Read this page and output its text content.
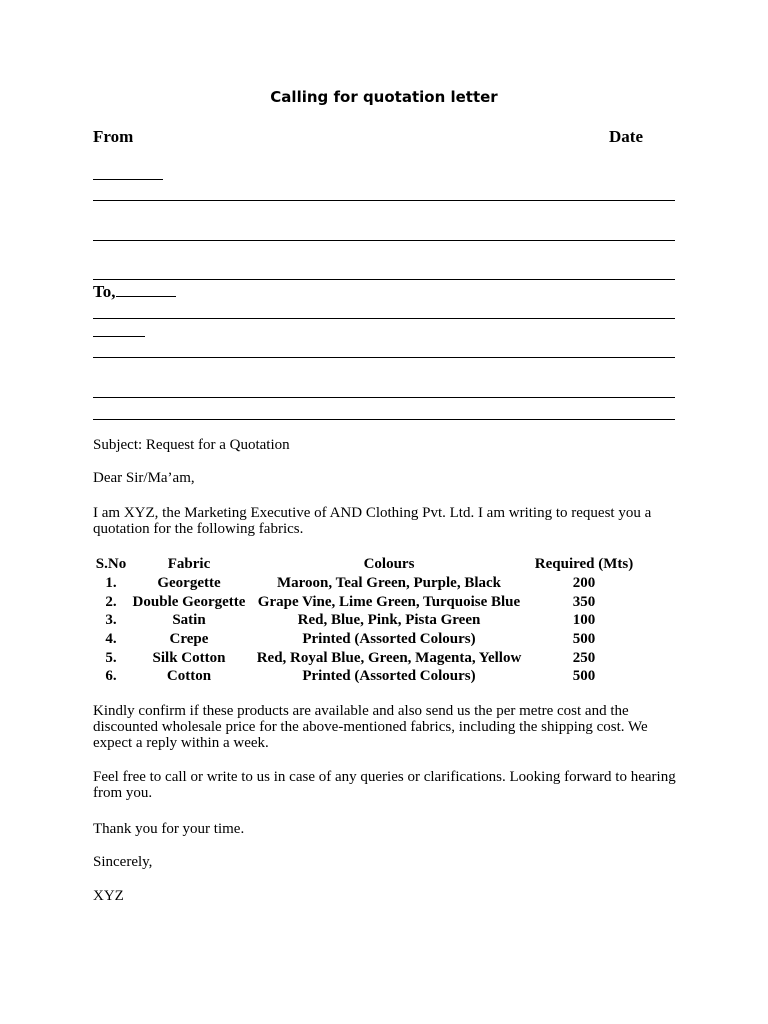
Calling for quotation letter
From	Date
To,
Subject: Request for a Quotation
Dear Sir/Ma’am,
I am XYZ, the Marketing Executive of AND Clothing Pvt. Ltd. I am writing to request you a quotation for the following fabrics.
S.No	Fabric	Colours	Required (Mts)
1.	Georgette	Maroon, Teal Green, Purple, Black	200
2.	Double Georgette	Grape Vine, Lime Green, Turquoise Blue	350
3.	Satin	Red, Blue, Pink, Pista Green	100
4.	Crepe	Printed (Assorted Colours)	500
5.	Silk Cotton	Red, Royal Blue, Green, Magenta, Yellow	250
6.	Cotton	Printed (Assorted Colours)	500
Kindly confirm if these products are available and also send us the per metre cost and the discounted wholesale price for the above-mentioned fabrics, including the shipping cost. We expect a reply within a week.
Feel free to call or write to us in case of any queries or clarifications. Looking forward to hearing from you.
Thank you for your time.
Sincerely,
XYZ
